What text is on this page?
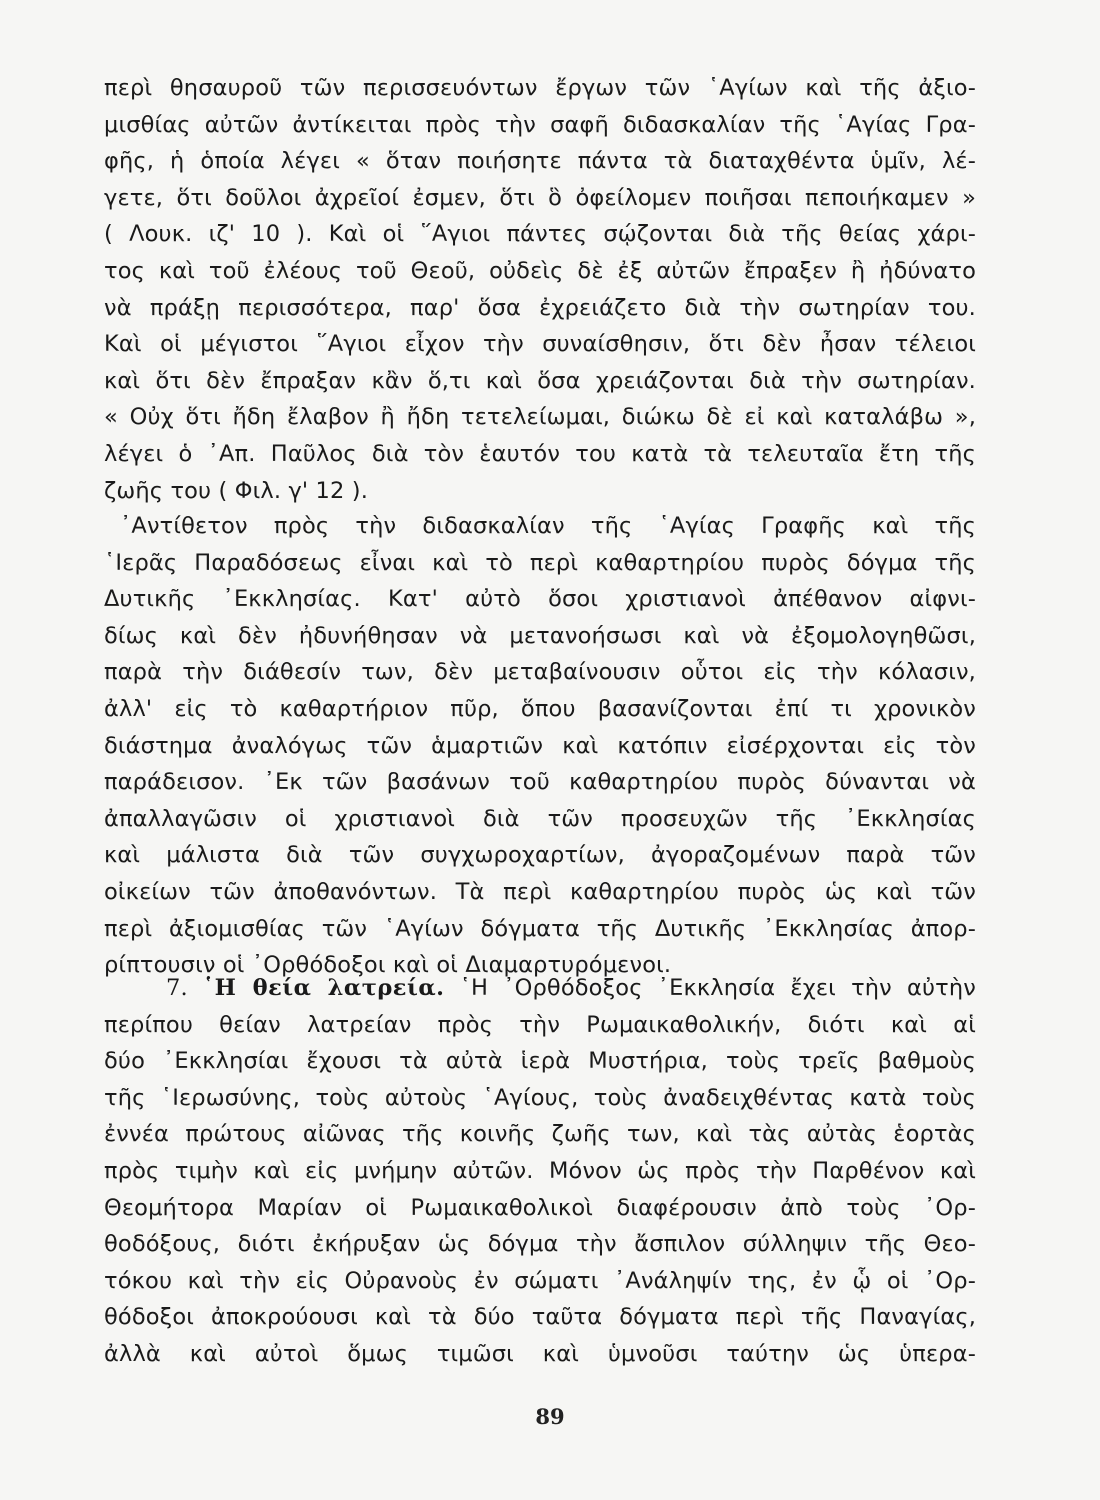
περὶ θησαυροῦ τῶν περισσευόντων ἔργων τῶν ῾Αγίων καὶ τῆς ἀξιο-
μισθίας αὐτῶν ἀντίκειται πρὸς τὴν σαφῆ διδασκαλίαν τῆς ῾Αγίας Γρα-
φῆς, ἡ ὁποία λέγει « ὅταν ποιήσητε πάντα τὰ διαταχθέντα ὑμῖν, λέ-
γετε, ὅτι δοῦλοι ἀχρεῖοί ἐσμεν, ὅτι ὃ ὀφείλομεν ποιῆσαι πεποιήκαμεν »
( Λουκ. ιζ' 10 ). Καὶ οἱ ῞Αγιοι πάντες σῴζονται διὰ τῆς θείας χάρι-
τος καὶ τοῦ ἐλέους τοῦ Θεοῦ, οὐδεὶς δὲ ἐξ αὐτῶν ἔπραξεν ἢ ἠδύνατο
νὰ πράξῃ περισσότερα, παρ' ὅσα ἐχρειάζετο διὰ τὴν σωτηρίαν του.
Καὶ οἱ μέγιστοι ῞Αγιοι εἶχον τὴν συναίσθησιν, ὅτι δὲν ἦσαν τέλειοι
καὶ ὅτι δὲν ἔπραξαν κἂν ὅ,τι καὶ ὅσα χρειάζονται διὰ τὴν σωτηρίαν.
« Οὐχ ὅτι ἤδη ἔλαβον ἢ ἤδη τετελείωμαι, διώκω δὲ εἰ καὶ καταλάβω »,
λέγει ὁ ᾿Απ. Παῦλος διὰ τὸν ἑαυτόν του κατὰ τὰ τελευταῖα ἔτη τῆς
ζωῆς του ( Φιλ. γ' 12 ).
᾿Αντίθετον πρὸς τὴν διδασκαλίαν τῆς ῾Αγίας Γραφῆς καὶ τῆς
῾Ιερᾶς Παραδόσεως εἶναι καὶ τὸ περὶ καθαρτηρίου πυρὸς δόγμα τῆς
Δυτικῆς ᾿Εκκλησίας. Κατ' αὐτὸ ὅσοι χριστιανοὶ ἀπέθανον αἰφνι-
δίως καὶ δὲν ἠδυνήθησαν νὰ μετανοήσωσι καὶ νὰ ἐξομολογηθῶσι,
παρὰ τὴν διάθεσίν των, δὲν μεταβαίνουσιν οὗτοι εἰς τὴν κόλασιν,
ἀλλ' εἰς τὸ καθαρτήριον πῦρ, ὅπου βασανίζονται ἐπί τι χρονικὸν
διάστημα ἀναλόγως τῶν ἁμαρτιῶν καὶ κατόπιν εἰσέρχονται εἰς τὸν
παράδεισον. ᾿Εκ τῶν βασάνων τοῦ καθαρτηρίου πυρὸς δύνανται νὰ
ἀπαλλαγῶσιν οἱ χριστιανοὶ διὰ τῶν προσευχῶν τῆς ᾿Εκκλησίας
καὶ μάλιστα διὰ τῶν συγχωροχαρτίων, ἀγοραζομένων παρὰ τῶν
οἰκείων τῶν ἀποθανόντων. Τὰ περὶ καθαρτηρίου πυρὸς ὡς καὶ τῶν
περὶ ἀξιομισθίας τῶν ῾Αγίων δόγματα τῆς Δυτικῆς ᾿Εκκλησίας ἀπορ-
ρίπτουσιν οἱ ᾿Ορθόδοξοι καὶ οἱ Διαμαρτυρόμενοι.
7. ῾Η θεία λατρεία. ῾Η ᾿Ορθόδοξος ᾿Εκκλησία ἔχει τὴν αὐτὴν
περίπου θείαν λατρείαν πρὸς τὴν Ρωμαικαθολικήν, διότι καὶ αἱ
δύο ᾿Εκκλησίαι ἔχουσι τὰ αὐτὰ ἱερὰ Μυστήρια, τοὺς τρεῖς βαθμοὺς
τῆς ῾Ιερωσύνης, τοὺς αὐτοὺς ῾Αγίους, τοὺς ἀναδειχθέντας κατὰ τοὺς
ἐννέα πρώτους αἰῶνας τῆς κοινῆς ζωῆς των, καὶ τὰς αὐτὰς ἑορτὰς
πρὸς τιμὴν καὶ εἰς μνήμην αὐτῶν. Μόνον ὡς πρὸς τὴν Παρθένον καὶ
Θεομήτορα Μαρίαν οἱ Ρωμαικαθολικοὶ διαφέρουσιν ἀπὸ τοὺς ᾿Ορ-
θοδόξους, διότι ἐκήρυξαν ὡς δόγμα τὴν ἄσπιλον σύλληψιν τῆς Θεο-
τόκου καὶ τὴν εἰς Οὐρανοὺς ἐν σώματι ᾿Ανάληψίν της, ἐν ᾧ οἱ ᾿Ορ-
θόδοξοι ἀποκρούουσι καὶ τὰ δύο ταῦτα δόγματα περὶ τῆς Παναγίας,
ἀλλὰ καὶ αὐτοὶ ὅμως τιμῶσι καὶ ὑμνοῦσι ταύτην ὡς ὑπερα-
89
